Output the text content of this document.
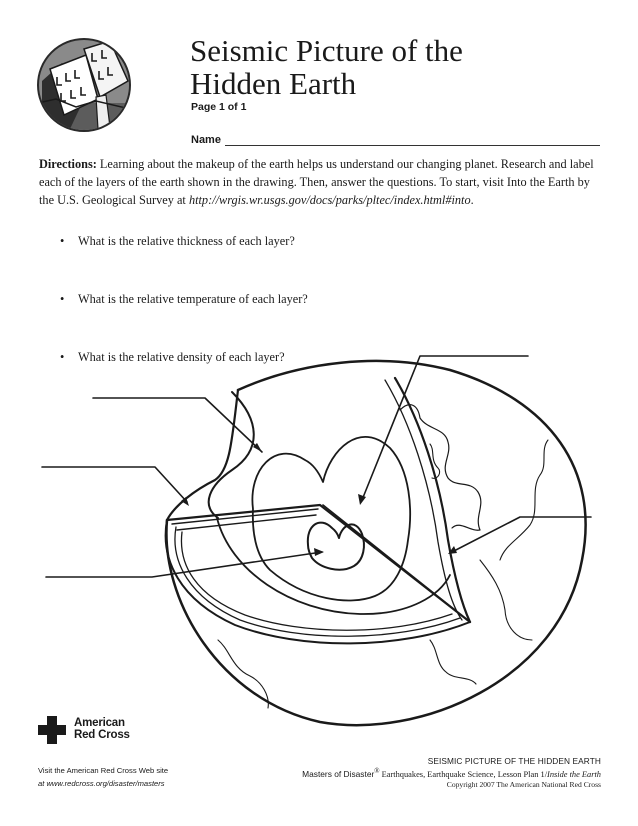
Seismic Picture of the
Hidden Earth
Page 1 of 1
Name

Directions: Learning about the makeup of the earth helps us understand our changing planet. Research and label each of the layers of the earth shown in the drawing. Then, answer the questions. To start, visit Into the Earth by the U.S. Geological Survey at http://wrgis.wr.usgs.gov/docs/parks/pltec/index.html#into.

• What is the relative thickness of each layer?
• What is the relative temperature of each layer?
• What is the relative density of each layer?
American
Red Cross
Visit the American Red Cross Web site
at www.redcross.org/disaster/masters
SEISMIC PICTURE OF THE HIDDEN EARTH
Masters of Disaster® Earthquakes, Earthquake Science, Lesson Plan 1/Inside the Earth
Copyright 2007 The American National Red Cross
